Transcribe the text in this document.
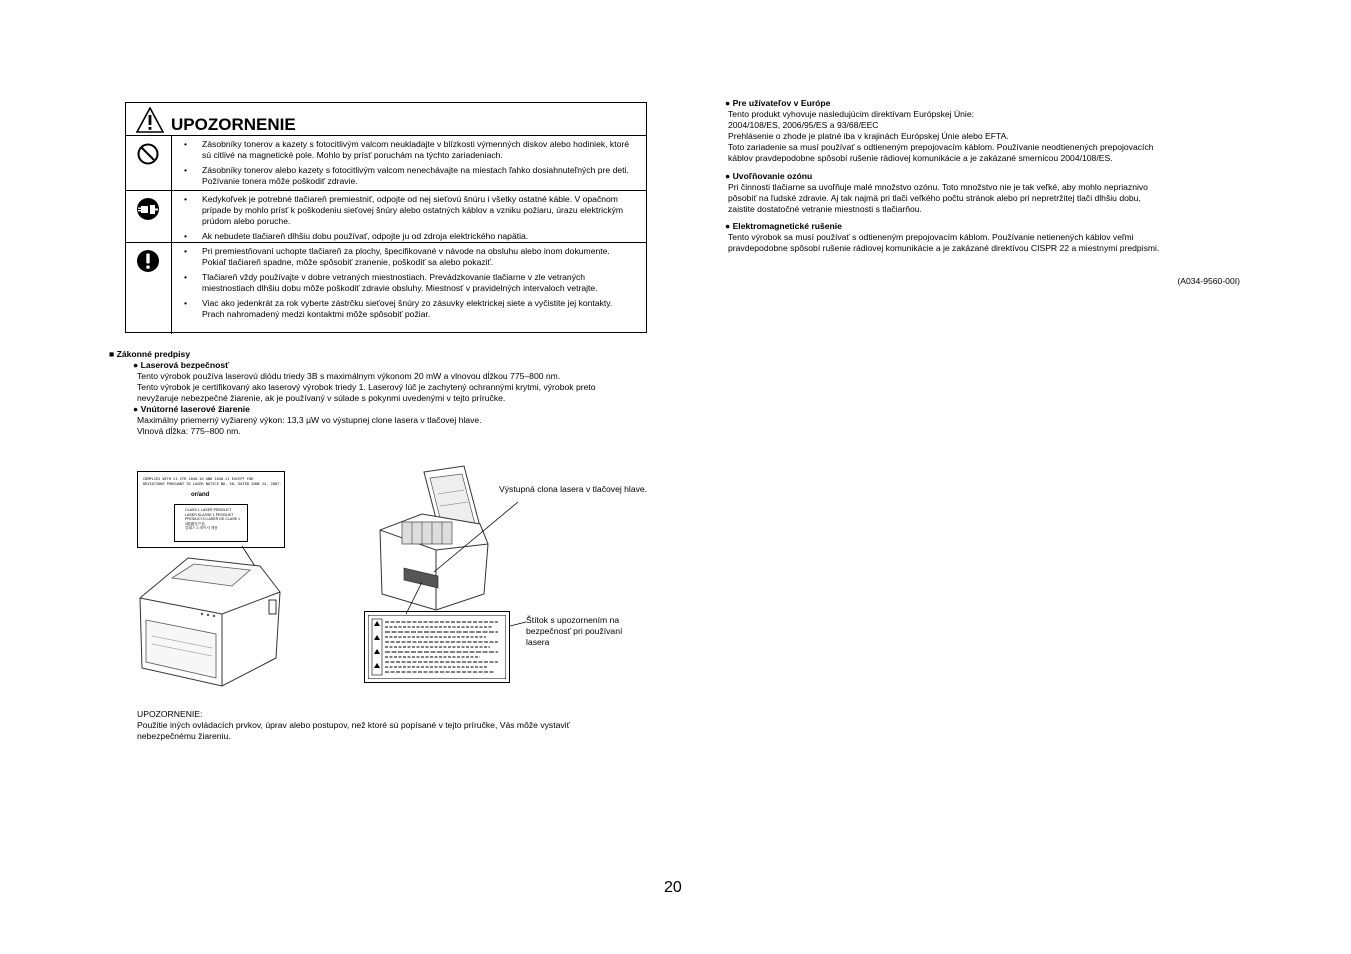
UPOZORNENIE
• Zásobníky tonerov a kazety s fotocitlivým valcom neukladajte v blízkosti výmenných diskov alebo hodiniek, ktoré sú citlivé na magnetické pole. Mohlo by prísť poruchám na týchto zariadeniach.
• Zásobníky tonerov alebo kazety s fotocitlivým valcom nenechávajte na miestach ľahko dosiahnuteľných pre deti. Požívanie tonera môže poškodiť zdravie.
• Kedykoľvek je potrebné tlačiareň premiestniť, odpojte od nej sieťovú šnúru i všetky ostatné káble. V opačnom prípade by mohlo prísť k poškodeniu sieťovej šnúry alebo ostatných káblov a vzniku požiaru, úrazu elektrickým prúdom alebo poruche.
• Ak nebudete tlačiareň dlhšiu dobu používať, odpojte ju od zdroja elektrického napätia.
• Pri premiestňovaní uchopte tlačiareň za plochy, špecifikované v návode na obsluhu alebo inom dokumente. Pokiaľ tlačiareň spadne, môže spôsobiť zranenie, poškodiť sa alebo pokaziť.
• Tlačiareň vždy používajte v dobre vetraných miestnostiach. Prevádzkovanie tlačiarne v zle vetraných miestnostiach dlhšiu dobu môže poškodiť zdravie obsluhy. Miestnosť v pravidelných intervaloch vetrajte.
• Viac ako jedenkrát za rok vyberte zástrčku sieťovej šnúry zo zásuvky elektrickej siete a vyčistite jej kontakty. Prach nahromadený medzi kontaktmi môže spôsobiť požiar.
■ Zákonné predpisy
● Laserová bezpečnosť
Tento výrobok používa laserovú diódu triedy 3B s maximálnym výkonom 20 mW a vlnovou dĺžkou 775–800 nm.
Tento výrobok je certifikovaný ako laserový výrobok triedy 1. Laserový lúč je zachytený ochrannými krytmi, výrobok preto
nevyžaruje nebezpečné žiarenie, ak je používaný v súlade s pokynmi uvedenými v tejto príručke.
● Vnútorné laserové žiarenie
Maximálny priemerný vyžiarený výkon: 13,3 µW vo výstupnej clone lasera v tlačovej hlave.
Vlnová dĺžka: 775–800 nm.
COMPLIES WITH 21 CFR 1040.10 AND 1040.11 EXCEPT FOR
DEVIATIONS PURSUANT TO LASER NOTICE NO. 50, DATED JUNE 24, 2007.
or/and
CLASS 1 LASER PRODUCT
LASER KLASSE 1 PRODUKT
PRODUCTO LASER DE CLASE 1
1级激光产品
클래스 1 레이저 제품
Výstupná clona lasera v tlačovej hlave.
Štítok s upozornením na
bezpečnosť pri používaní
lasera
UPOZORNENIE:
Použitie iných ovládacích prvkov, úprav alebo postupov, než ktoré sú popísané v tejto príručke, Vás môže vystaviť
nebezpečnému žiareniu.
● Pre užívateľov v Európe
Tento produkt vyhovuje nasledujúcim direktívam Európskej Únie:
2004/108/ES, 2006/95/ES a 93/68/EEC
Prehlásenie o zhode je platné iba v krajinách Európskej Únie alebo EFTA.
Toto zariadenie sa musí používať s odtieneným prepojovacím káblom. Používanie neodtienených prepojovacích
káblov pravdepodobne spôsobí rušenie rádiovej komunikácie a je zakázané smernicou 2004/108/ES.
● Uvoľňovanie ozónu
Pri činnosti tlačiarne sa uvoľňuje malé množstvo ozónu. Toto množstvo nie je tak veľké, aby mohlo nepriaznivo
pôsobiť na ľudské zdravie. Aj tak najmä pri tlači veľkého počtu stránok alebo pri nepretržitej tlači dlhšiu dobu,
zaistite dostatočné vetranie miestnosti s tlačiarňou.
● Elektromagnetické rušenie
Tento výrobok sa musí používať s odtieneným prepojovacím káblom. Používanie netienených káblov veľmi
pravdepodobne spôsobí rušenie rádiovej komunikácie a je zakázané direktívou CISPR 22 a miestnymi predpismi.
(A034-9560-00I)
20
